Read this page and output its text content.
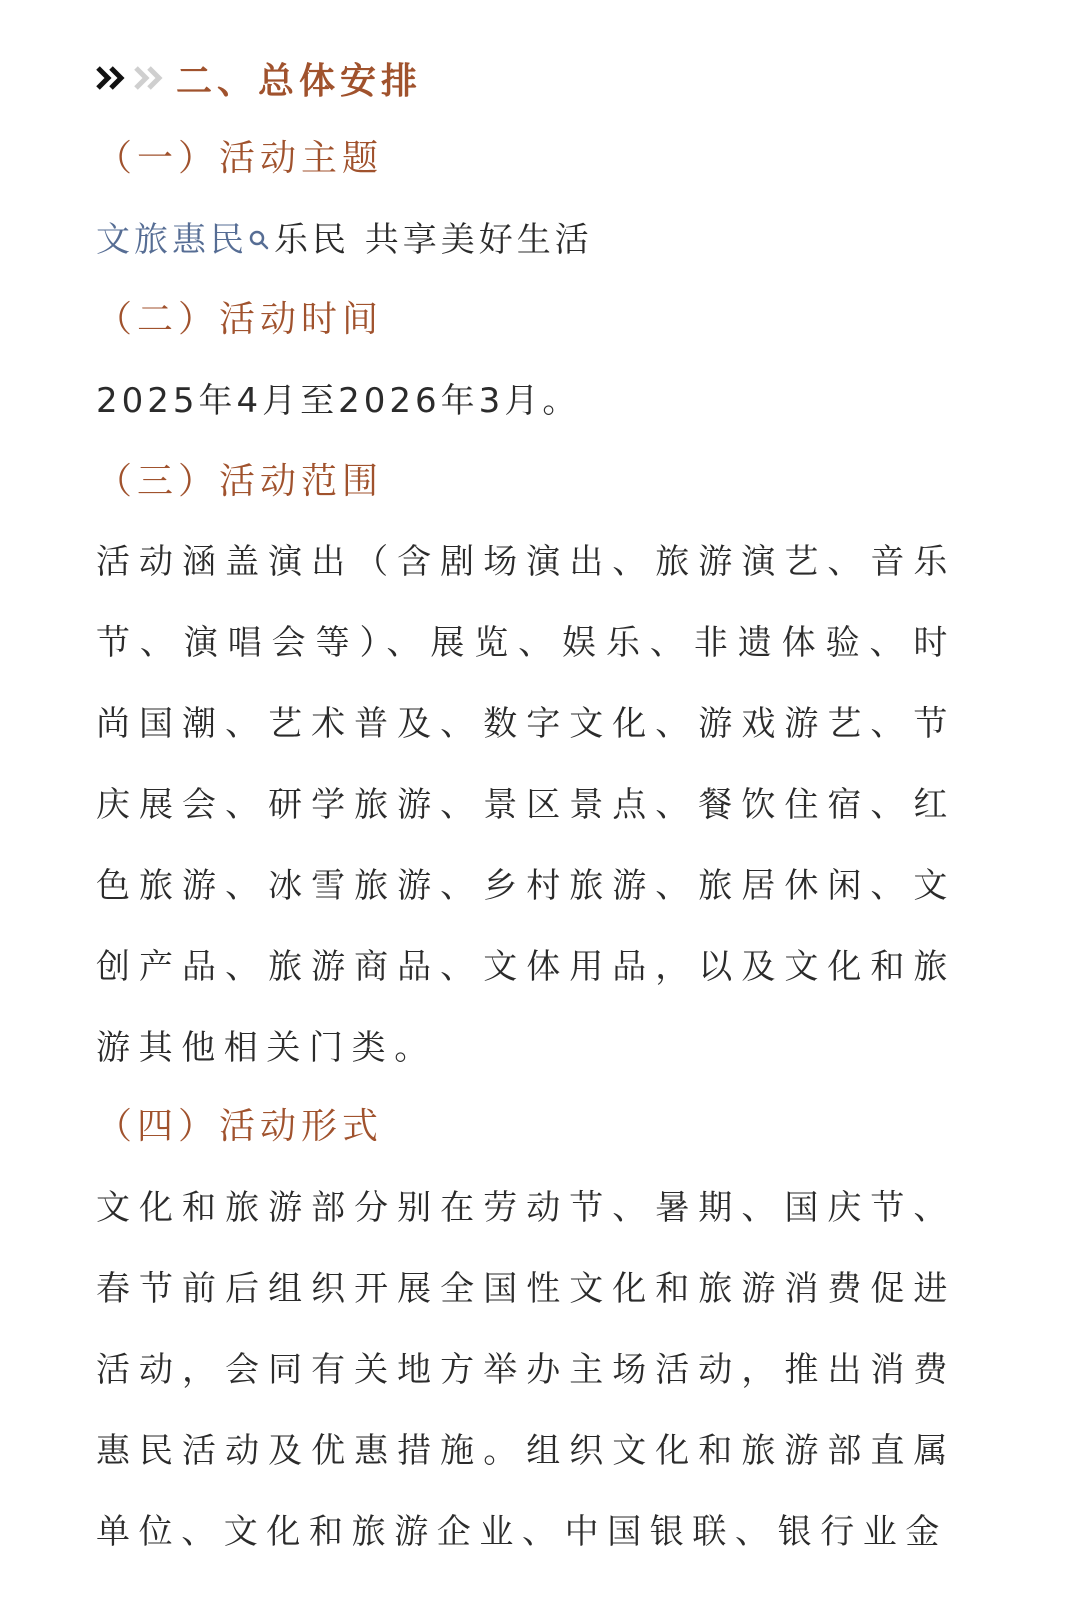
二、总体安排
（一）活动主题
文旅惠民 乐民 共享美好生活
（二）活动时间
2025年4月至2026年3月。
（三）活动范围

活动涵盖演出（含剧场演出、旅游演艺、音乐节、演唱会等）、展览、娱乐、非遗体验、时尚国潮、艺术普及、数字文化、游戏游艺、节庆展会、研学旅游、景区景点、餐饮住宿、红色旅游、冰雪旅游、乡村旅游、旅居休闲、文创产品、旅游商品、文体用品，以及文化和旅游其他相关门类。

（四）活动形式

文化和旅游部分别在劳动节、暑期、国庆节、春节前后组织开展全国性文化和旅游消费促进活动，会同有关地方举办主场活动，推出消费惠民活动及优惠措施。组织文化和旅游部直属单位、文化和旅游企业、中国银联、银行业金
